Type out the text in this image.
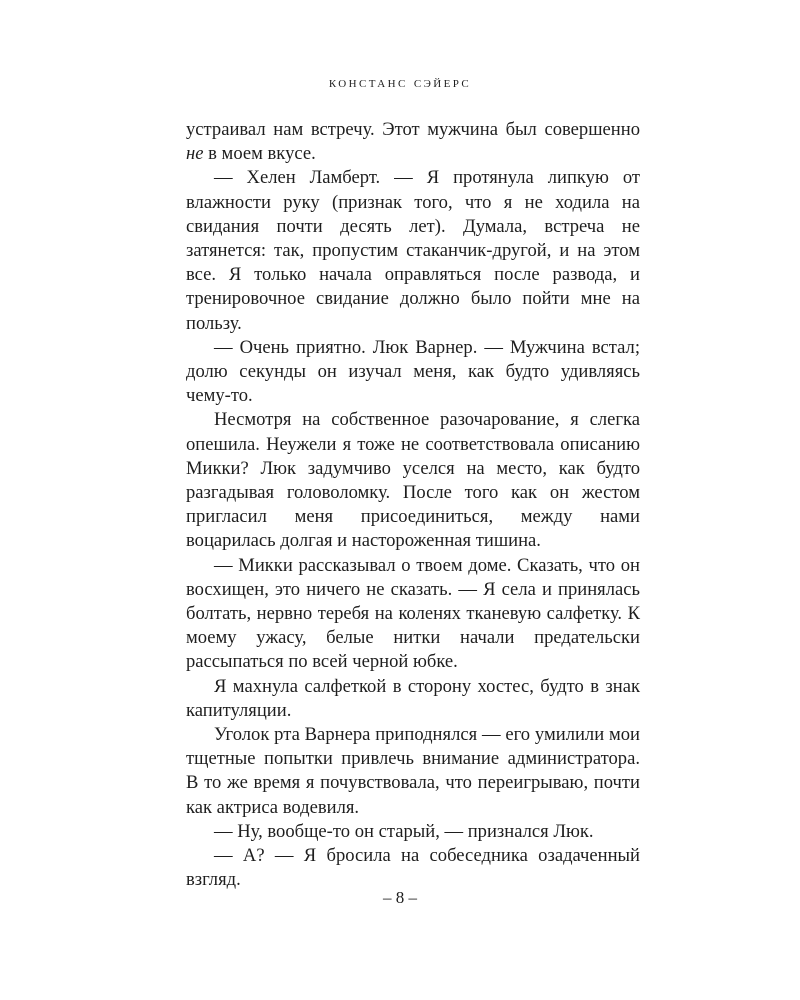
констанс сэйерс

устраивал нам встречу. Этот мужчина был совершенно не в моем вкусе.

— Хелен Ламберт. — Я протянула липкую от влажности руку (признак того, что я не ходила на свидания почти десять лет). Думала, встреча не затянется: так, пропустим стаканчик-другой, и на этом все. Я только начала оправляться после развода, и тренировочное свидание должно было пойти мне на пользу.

— Очень приятно. Люк Варнер. — Мужчина встал; долю секунды он изучал меня, как будто удивляясь чему-то.

Несмотря на собственное разочарование, я слегка опешила. Неужели я тоже не соответствовала описанию Микки? Люк задумчиво уселся на место, как будто разгадывая головоломку. После того как он жестом пригласил меня присоединиться, между нами воцарилась долгая и настороженная тишина.

— Микки рассказывал о твоем доме. Сказать, что он восхищен, это ничего не сказать. — Я села и принялась болтать, нервно теребя на коленях тканевую салфетку. К моему ужасу, белые нитки начали предательски рассыпаться по всей черной юбке.

Я махнула салфеткой в сторону хостес, будто в знак капитуляции.

Уголок рта Варнера приподнялся — его умилили мои тщетные попытки привлечь внимание администратора. В то же время я почувствовала, что переигрываю, почти как актриса водевиля.

— Ну, вообще-то он старый, — признался Люк.

— А? — Я бросила на собеседника озадаченный взгляд.

– 8 –
